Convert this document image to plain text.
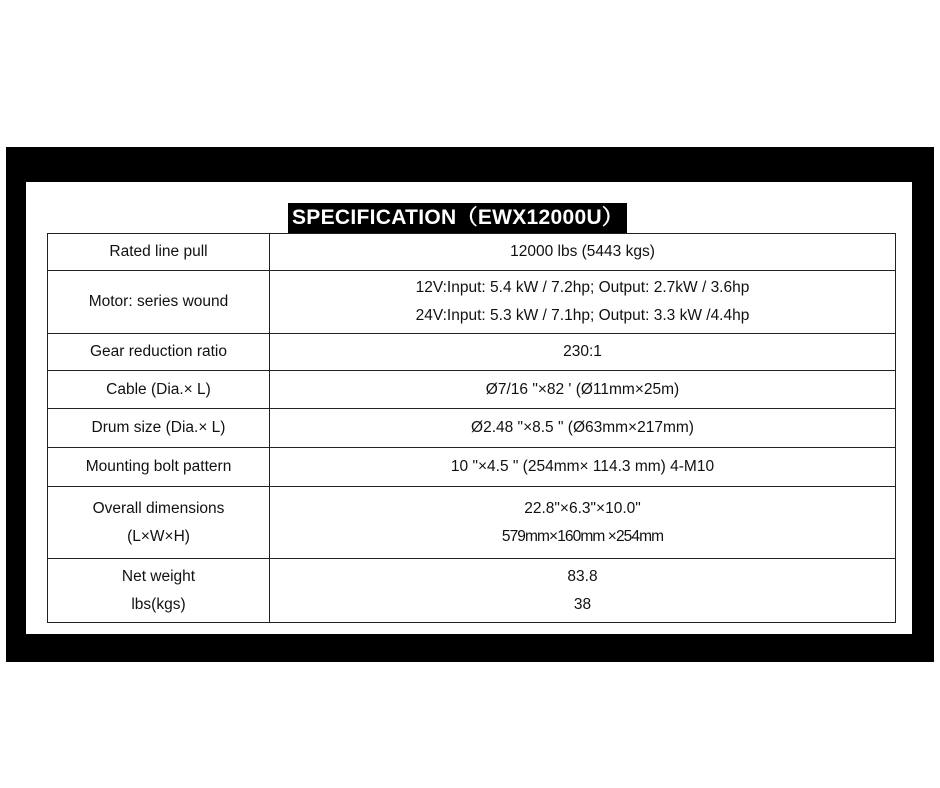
SPECIFICATION（EWX12000U）
Rated line pull	12000 lbs (5443 kgs)
Motor: series wound	12V:Input: 5.4 kW / 7.2hp; Output: 2.7kW / 3.6hp
24V:Input: 5.3 kW / 7.1hp; Output: 3.3 kW /4.4hp

Gear reduction ratio	230:1
Cable (Dia.× L)	Ø7/16 "×82 ' (Ø11mm×25m)
Drum size (Dia.× L)	Ø2.48 "×8.5 " (Ø63mm×217mm)
Mounting bolt pattern	10 "×4.5 " (254mm× 114.3 mm) 4-M10

Overall dimensions
(L×W×H)	22.8"×6.3"×10.0"
579mm×160mm ×254mm

Net weight
lbs(kgs)	83.8
38
